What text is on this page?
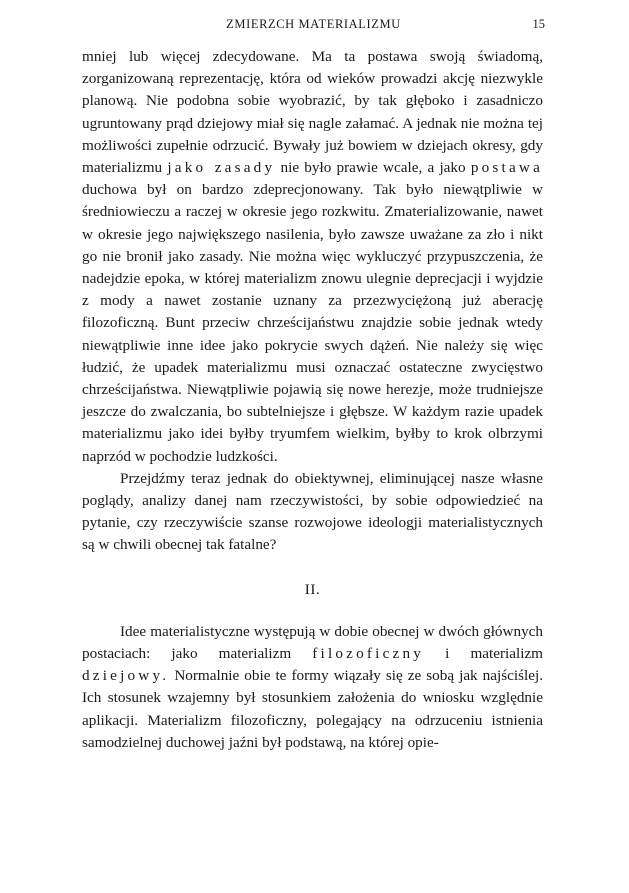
ZMIERZCH MATERIALIZMU	15

mniej lub więcej zdecydowane. Ma ta postawa swoją świadomą, zorganizowaną reprezentację, która od wieków prowadzi akcję niezwykle planową. Nie podobna sobie wyobrazić, by tak głęboko i zasadniczo ugruntowany prąd dziejowy miał się nagle załamać. A jednak nie można tej możliwości zupełnie odrzucić. Bywały już bowiem w dziejach okresy, gdy materializmu jako zasady nie było prawie wcale, a jako postawa duchowa był on bardzo zdeprecjonowany. Tak było niewątpliwie w średniowieczu a raczej w okresie jego rozkwitu. Zmaterializowanie, nawet w okresie jego największego nasilenia, było zawsze uważane za zło i nikt go nie bronił jako zasady. Nie można więc wykluczyć przypuszczenia, że nadejdzie epoka, w której materializm znowu ulegnie deprecjacji i wyjdzie z mody a nawet zostanie uznany za przezwyciężoną już aberację filozoficzną. Bunt przeciw chrześcijaństwu znajdzie sobie jednak wtedy niewątpliwie inne idee jako pokrycie swych dążeń. Nie należy się więc łudzić, że upadek materializmu musi oznaczać ostateczne zwycięstwo chrześcijaństwa. Niewątpliwie pojawią się nowe herezje, może trudniejsze jeszcze do zwalczania, bo subtelniejsze i głębsze. W każdym razie upadek materializmu jako idei byłby tryumfem wielkim, byłby to krok olbrzymi naprzód w pochodzie ludzkości.

Przejdźmy teraz jednak do obiektywnej, eliminującej nasze własne poglądy, analizy danej nam rzeczywistości, by sobie odpowiedzieć na pytanie, czy rzeczywiście szanse rozwojowe ideologji materialistycznych są w chwili obecnej tak fatalne?

II.

Idee materialistyczne występują w dobie obecnej w dwóch głównych postaciach: jako materializm filozoficzny i materializm dziejowy. Normalnie obie te formy wiązały się ze sobą jak najściślej. Ich stosunek wzajemny był stosunkiem założenia do wniosku względnie aplikacji. Materializm filozoficzny, polegający na odrzuceniu istnienia samodzielnej duchowej jaźni był podstawą, na której opie-
